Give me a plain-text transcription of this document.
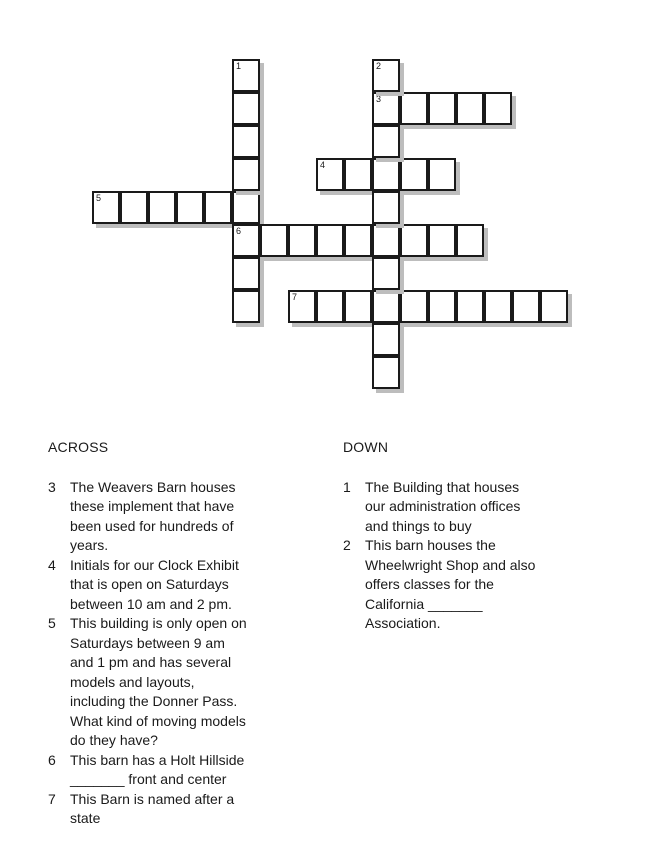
3
4
5
6
7
1	2
ACROSS
3	The Weavers Barn houses these implement that have been used for hundreds of years.
4	Initials for our Clock Exhibit that is open on Saturdays between 10 am and 2 pm.
5	This building is only open on Saturdays between 9 am and 1 pm and has several models and layouts, including the Donner Pass. What kind of moving models do they have?
6	This barn has a Holt Hillside _______ front and center
7	This Barn is named after a state
DOWN
1	The Building that houses our administration offices and things to buy
2	This barn houses the Wheelwright Shop and also offers classes for the California _______ Association.
